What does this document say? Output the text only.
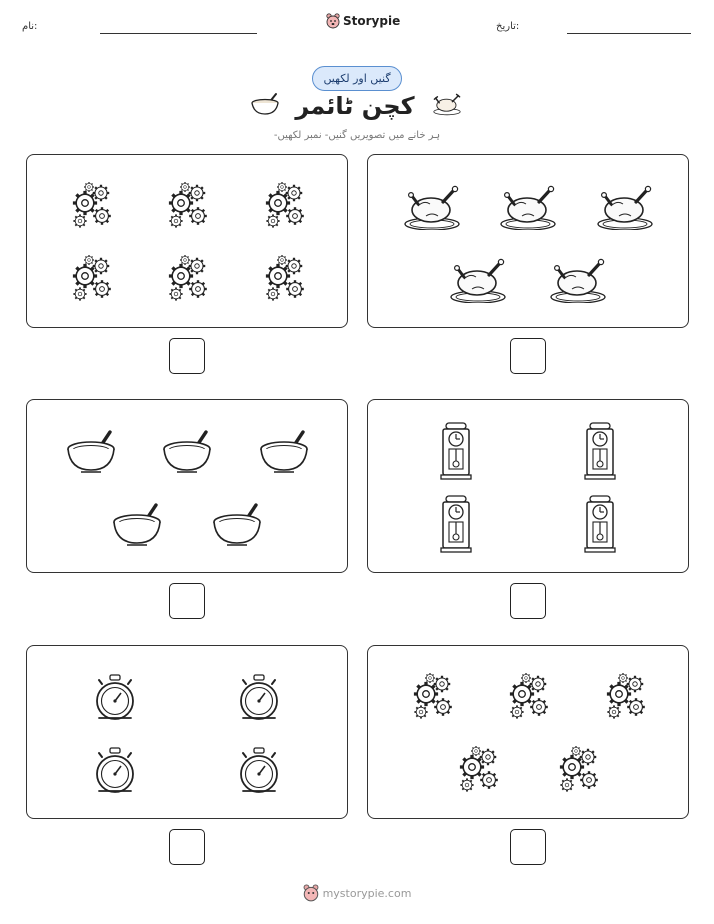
نام:	Storypie	تاریخ:
گنیں اور لکھیں
کچن ٹائمر
ہر خانے میں تصویریں گنیں- نمبر لکھیں-
mystorypie.com
